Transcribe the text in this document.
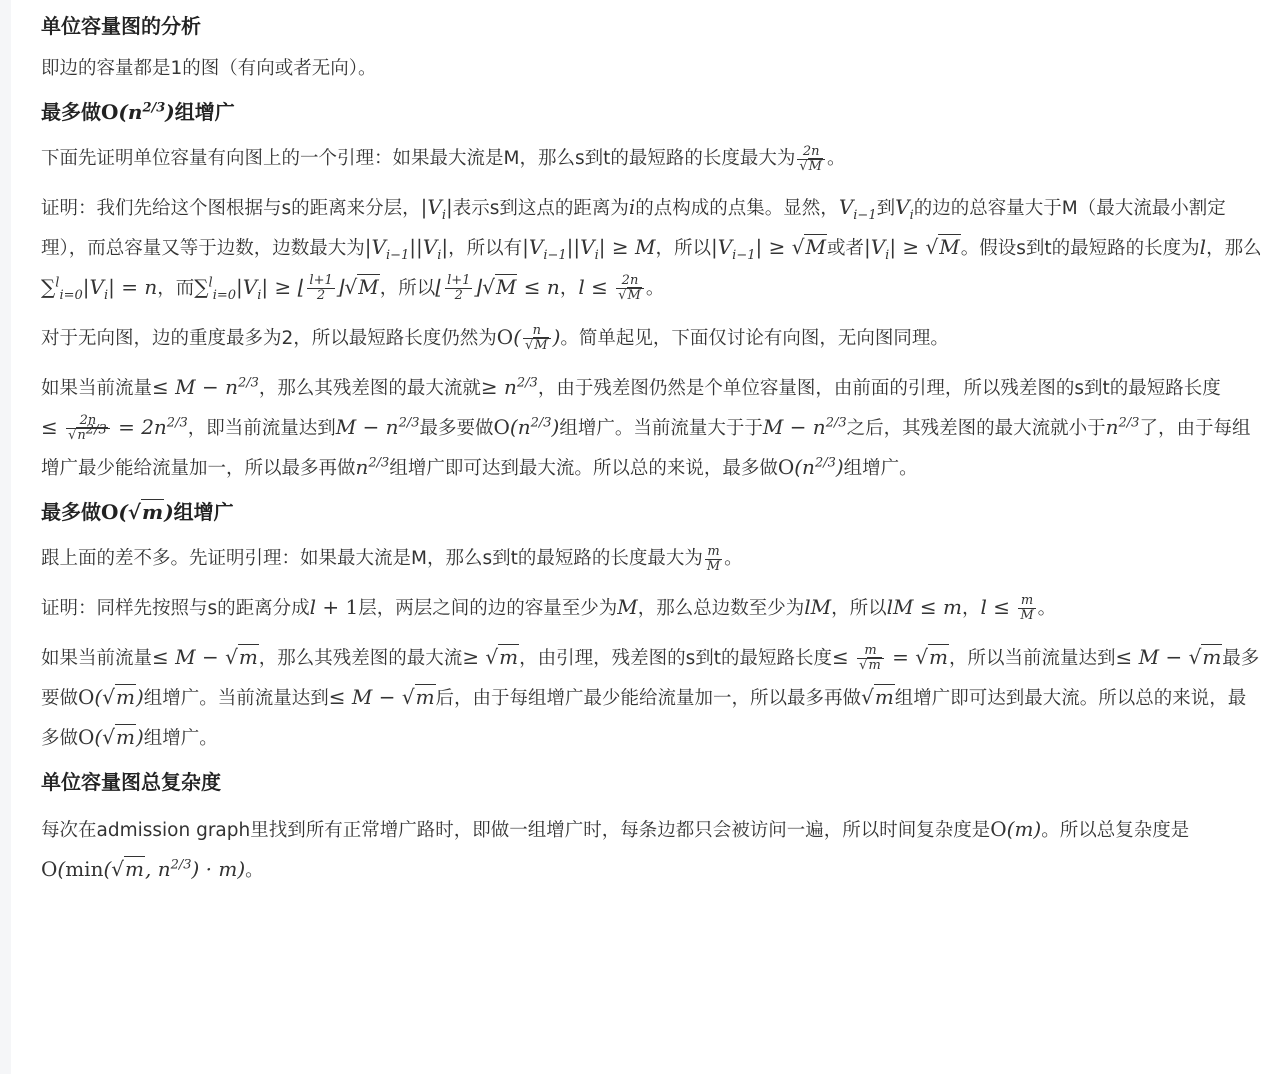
单位容量图的分析

即边的容量都是1的图（有向或者无向）。

最多做$O(n^{2/3})$组增广

下面先证明单位容量有向图上的一个引理：如果最大流是M，那么s到t的最短路的长度最大为 $\frac{2n}{√M}$ 。

证明：我们先给这个图根据与s的距离来分层，$|V_i|$表示s到这点的距离为i的点构成的点集。显然，$V_{i-1}$到$V_i$的边的总容量大于M（最大流最小割定理），而总容量又等于边数，边数最大为$|V_{i-1}||V_i|$，所以有$|V_{i-1}||V_i| \ge M$，所以$|V_{i-1}| \ge √M$或者$|V_i| \ge √M$。假设s到t的最短路的长度为l，那么$\sum^l_{i=0}|V_i| = n$，而$\sum^l_{i=0}|V_i|$ ≥ ⌊ $\frac{l+1}{2}$ ⌋√M，所以⌊ $\frac{l+1}{2}$ ⌋√M ≤ n，$l \le \frac{2n}{√M}$ 。

对于无向图，边的重度最多为2，所以最短路长度仍然为$O( \frac{n}{√M}$ )。简单起见，下面仅讨论有向图，无向图同理。

如果当前流量≤ $M - n^{2/3}$，那么其残差图的最大流就≥ $n^{2/3}$，由于残差图仍然是个单位容量图，由前面的引理，所以残差图的s到t的最短路长度≤ $\frac{2n}{√n^{2/3}} = 2n^{2/3}$，即当前流量达到$M - n^{2/3}$最多要做$O(n^{2/3})$组增广。当前流量大于于$M - n^{2/3}$之后，其残差图的最大流就小于$n^{2/3}$了，由于每组增广最少能给流量加一，所以最多再做$n^{2/3}$组增广即可达到最大流。所以总的来说，最多做$O(n^{2/3})$组增广。

最多做O(√m)组增广

跟上面的差不多。先证明引理：如果最大流是M，那么s到t的最短路的长度最大为 $\frac{m}{M}$ 。

证明：同样先按照与s的距离分成l + 1层，两层之间的边的容量至少为M，那么总边数至少为lM，所以lM ≤ m，$l \le \frac{m}{M}$ 。

如果当前流量≤ M − √m，那么其残差图的最大流≥ √m，由引理，残差图的s到t的最短路长度≤ $\frac{m}{√m} = √m$，所以当前流量达到≤ M − √m最多要做O(√m)组增广。当前流量达到≤ M − √m后，由于每组增广最少能给流量加一，所以最多再做√m组增广即可达到最大流。所以总的来说，最多做O(√m)组增广。

单位容量图总复杂度

每次在admission graph里找到所有正常增广路时，即做一组增广时，每条边都只会被访问一遍，所以时间复杂度是O(m)。所以总复杂度是O(min(√m, $n^{2/3}) \cdot m$)。
